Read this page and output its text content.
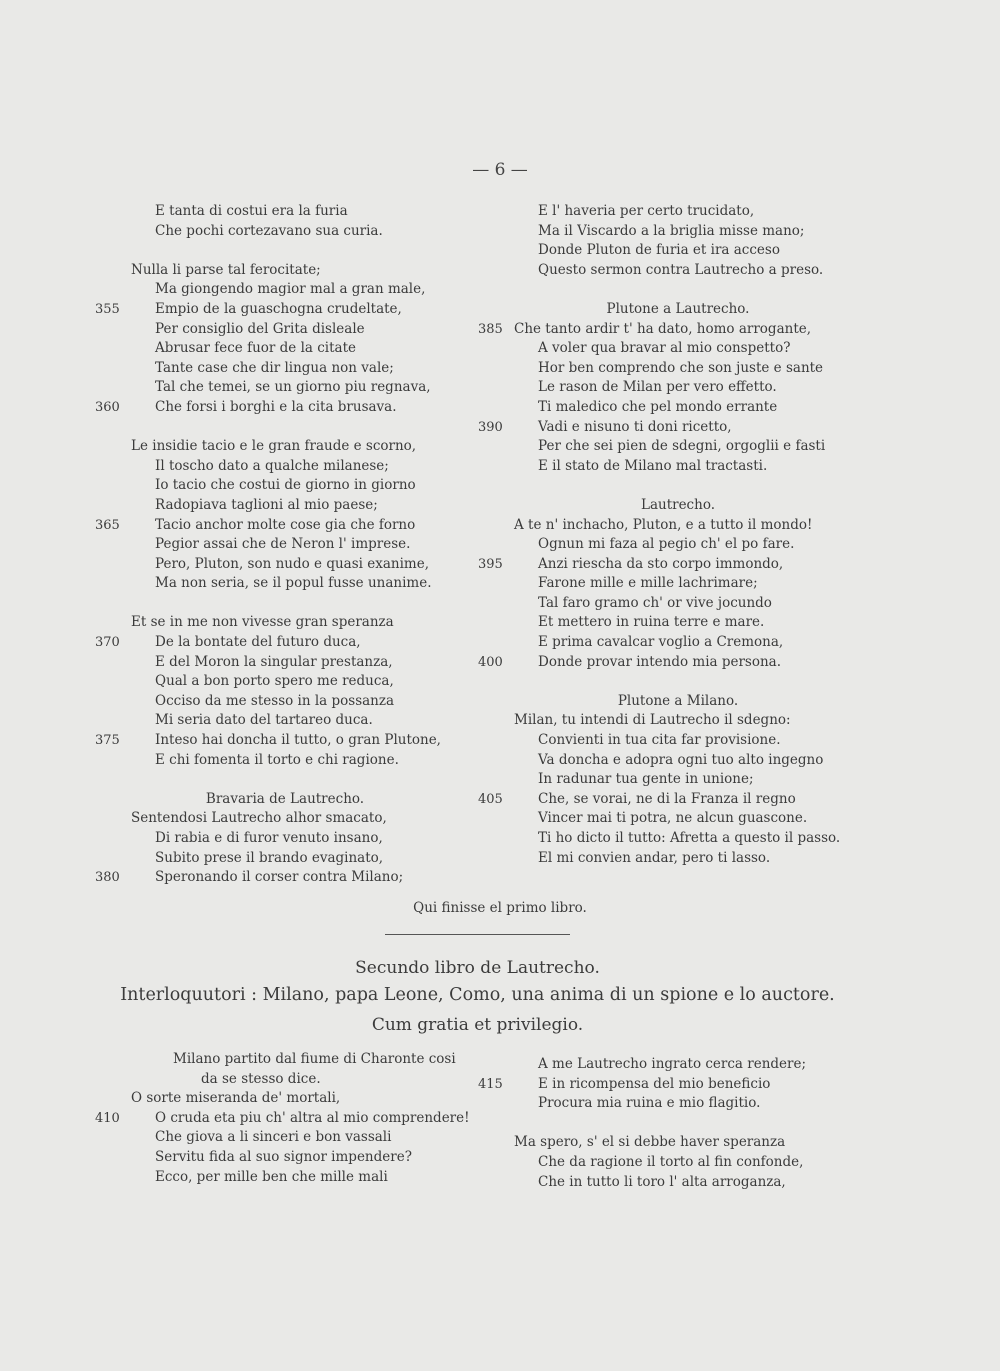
— 6 —
E tanta di costui era la furia
Che pochi cortezavano sua curia.
Nulla li parse tal ferocitate;
Ma giongendo magior mal a gran male,
355	Empio de la guaschogna crudeltate,
Per consiglio del Grita disleale
Abrusar fece fuor de la citate
Tante case che dir lingua non vale;
Tal che temei, se un giorno piu regnava,
360	Che forsi i borghi e la cita brusava.
Le insidie tacio e le gran fraude e scorno,
Il toscho dato a qualche milanese;
Io tacio che costui de giorno in giorno
Radopiava taglioni al mio paese;
365	Tacio anchor molte cose gia che forno
Pegior assai che de Neron l' imprese.
Pero, Pluton, son nudo e quasi exanime,
Ma non seria, se il popul fusse unanime.
Et se in me non vivesse gran speranza
370	De la bontate del futuro duca,
E del Moron la singular prestanza,
Qual a bon porto spero me reduca,
Occiso da me stesso in la possanza
Mi seria dato del tartareo duca.
375	Inteso hai doncha il tutto, o gran Plutone,
E chi fomenta il torto e chi ragione.
Bravaria de Lautrecho.
Sentendosi Lautrecho alhor smacato,
Di rabia e di furor venuto insano,
Subito prese il brando evaginato,
380	Speronando il corser contra Milano;
E l' haveria per certo trucidato,
Ma il Viscardo a la briglia misse mano;
Donde Pluton de furia et ira acceso
Questo sermon contra Lautrecho a preso.
Plutone a Lautrecho.
385 Che tanto ardir t' ha dato, homo arrogante,
A voler qua bravar al mio conspetto?
Hor ben comprendo che son juste e sante
Le rason de Milan per vero effetto.
Ti maledico che pel mondo errante
390	Vadi e nisuno ti doni ricetto,
Per che sei pien de sdegni, orgoglii e fasti
E il stato de Milano mal tractasti.
Lautrecho.
A te n' inchacho, Pluton, e a tutto il mondo!
Ognun mi faza al pegio ch' el po fare.
395	Anzi riescha da sto corpo immondo,
Farone mille e mille lachrimare;
Tal faro gramo ch' or vive jocundo
Et mettero in ruina terre e mare.
E prima cavalcar voglio a Cremona,
400	Donde provar intendo mia persona.
Plutone a Milano.
Milan, tu intendi di Lautrecho il sdegno:
Convienti in tua cita far provisione.
Va doncha e adopra ogni tuo alto ingegno
In radunar tua gente in unione;
405	Che, se vorai, ne di la Franza il regno
Vincer mai ti potra, ne alcun guascone.
Ti ho dicto il tutto: Afretta a questo il passo.
El mi convien andar, pero ti lasso.
Qui finisse el primo libro.
Secundo libro de Lautrecho.
Interloquutori : Milano, papa Leone, Como, una anima di un spione e lo auctore.
Cum gratia et privilegio.
Milano partito dal fiume di Charonte cosi
da se stesso dice.
O sorte miseranda de' mortali,
410	O cruda eta piu ch' altra al mio comprendere!
Che giova a li sinceri e bon vassali
Servitu fida al suo signor impendere?
Ecco, per mille ben che mille mali
A me Lautrecho ingrato cerca rendere;
415	E in ricompensa del mio beneficio
Procura mia ruina e mio flagitio.
Ma spero, s' el si debbe haver speranza
Che da ragione il torto al fin confonde,
Che in tutto li toro l' alta arroganza,
